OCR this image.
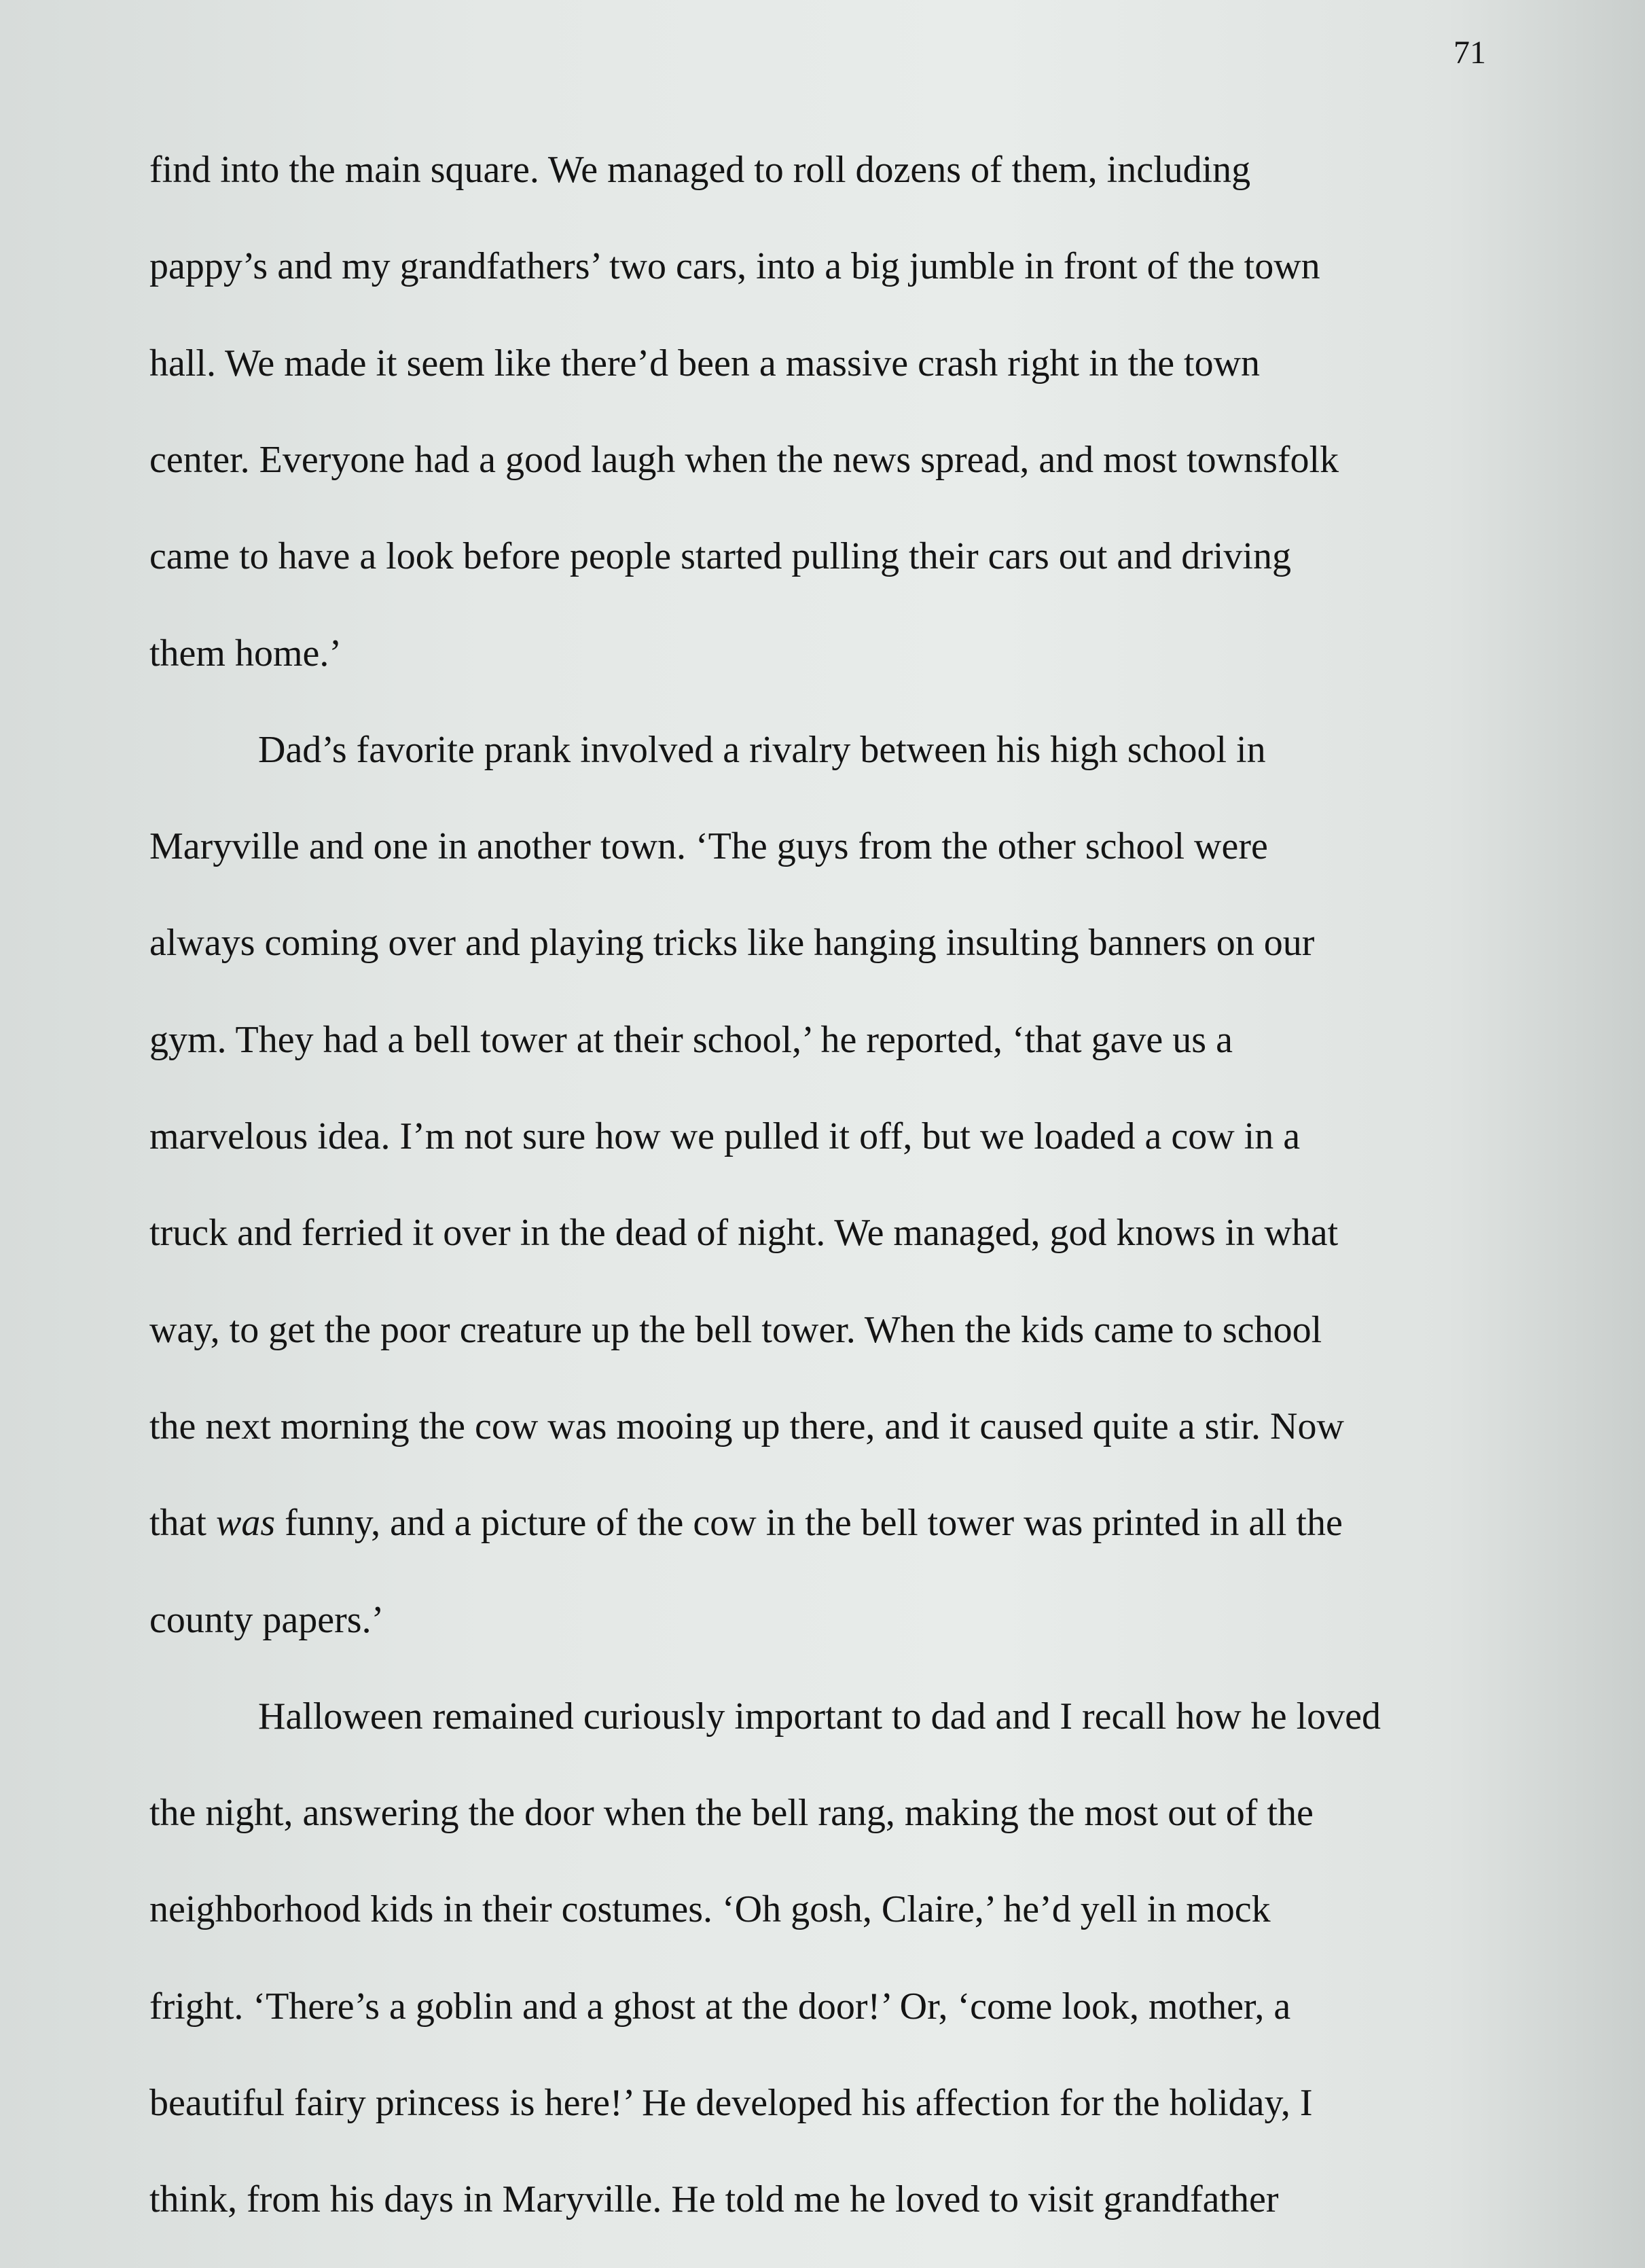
71
find into the main square. We managed to roll dozens of them, including
pappy’s and my grandfathers’ two cars, into a big jumble in front of the town
hall. We made it seem like there’d been a massive crash right in the town
center. Everyone had a good laugh when the news spread, and most townsfolk
came to have a look before people started pulling their cars out and driving
them home.’
Dad’s favorite prank involved a rivalry between his high school in
Maryville and one in another town. ‘The guys from the other school were
always coming over and playing tricks like hanging insulting banners on our
gym. They had a bell tower at their school,’ he reported, ‘that gave us a
marvelous idea. I’m not sure how we pulled it off, but we loaded a cow in a
truck and ferried it over in the dead of night. We managed, god knows in what
way, to get the poor creature up the bell tower. When the kids came to school
the next morning the cow was mooing up there, and it caused quite a stir. Now
that was funny, and a picture of the cow in the bell tower was printed in all the
county papers.’
Halloween remained curiously important to dad and I recall how he loved
the night, answering the door when the bell rang, making the most out of the
neighborhood kids in their costumes. ‘Oh gosh, Claire,’ he’d yell in mock
fright. ‘There’s a goblin and a ghost at the door!’ Or, ‘come look, mother, a
beautiful fairy princess is here!’ He developed his affection for the holiday, I
think, from his days in Maryville. He told me he loved to visit grandfather
